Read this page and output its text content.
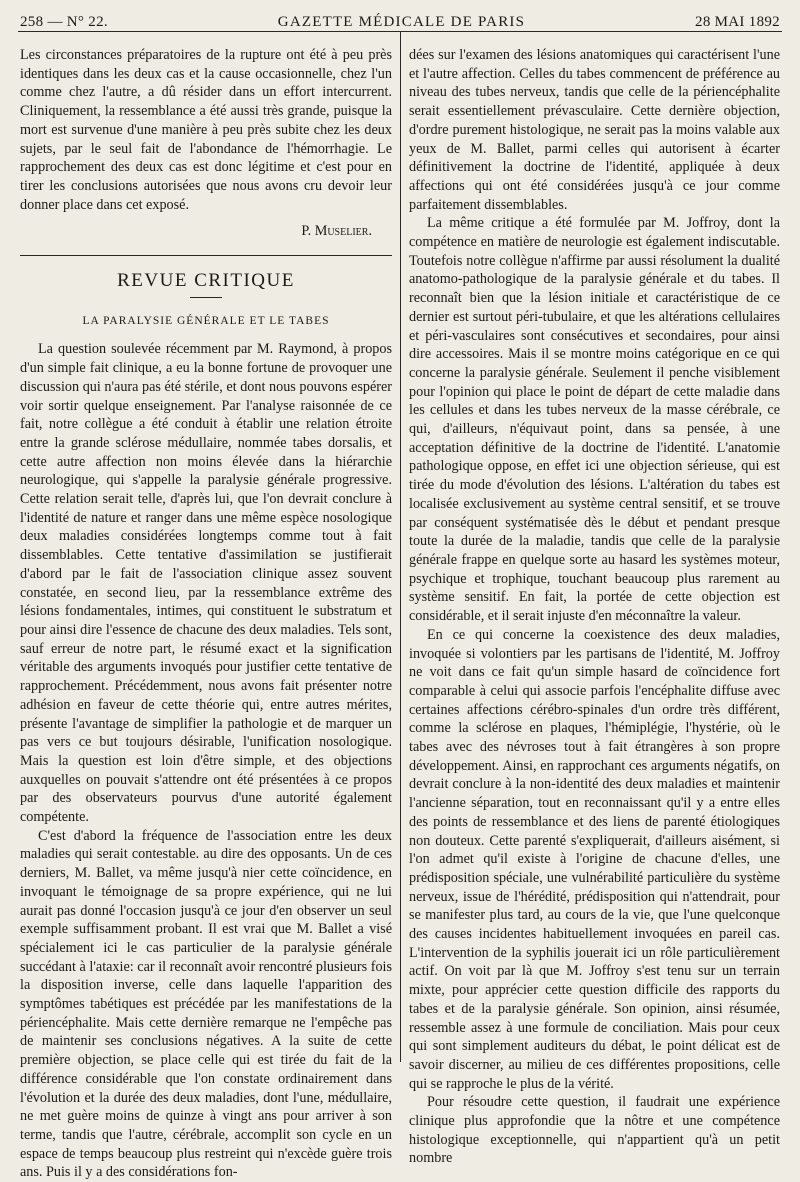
258 — N° 22.	GAZETTE MÉDICALE DE PARIS	28 MAI 1892

Les circonstances préparatoires de la rupture ont été à peu près identiques dans les deux cas et la cause occasionnelle, chez l'un comme chez l'autre, a dû résider dans un effort intercurrent. Cliniquement, la ressemblance a été aussi très grande, puisque la mort est survenue d'une manière à peu près subite chez les deux sujets, par le seul fait de l'abondance de l'hémorrhagie. Le rapprochement des deux cas est donc légitime et c'est pour en tirer les conclusions autorisées que nous avons cru devoir leur donner place dans cet exposé.

P. Muselier.
REVUE CRITIQUE
LA PARALYSIE GÉNÉRALE ET LE TABES

La question soulevée récemment par M. Raymond, à propos d'un simple fait clinique, a eu la bonne fortune de provoquer une discussion qui n'aura pas été stérile, et dont nous pouvons espérer voir sortir quelque enseignement. Par l'analyse raisonnée de ce fait, notre collègue a été conduit à établir une relation étroite entre la grande sclérose médullaire, nommée tabes dorsalis, et cette autre affection non moins élevée dans la hiérarchie neurologique, qui s'appelle la paralysie générale progressive. Cette relation serait telle, d'après lui, que l'on devrait conclure à l'identité de nature et ranger dans une même espèce nosologique deux maladies considérées longtemps comme tout à fait dissemblables. Cette tentative d'assimilation se justifierait d'abord par le fait de l'association clinique assez souvent constatée, en second lieu, par la ressemblance extrême des lésions fondamentales, intimes, qui constituent le substratum et pour ainsi dire l'essence de chacune des deux maladies. Tels sont, sauf erreur de notre part, le résumé exact et la signification véritable des arguments invoqués pour justifier cette tentative de rapprochement. Précédemment, nous avons fait présenter notre adhésion en faveur de cette théorie qui, entre autres mérites, présente l'avantage de simplifier la pathologie et de marquer un pas vers ce but toujours désirable, l'unification nosologique. Mais la question est loin d'être simple, et des objections auxquelles on pouvait s'attendre ont été présentées à ce propos par des observateurs pourvus d'une autorité également compétente.

C'est d'abord la fréquence de l'association entre les deux maladies qui serait contestable. au dire des opposants. Un de ces derniers, M. Ballet, va même jusqu'à nier cette coïncidence, en invoquant le témoignage de sa propre expérience, qui ne lui aurait pas donné l'occasion jusqu'à ce jour d'en observer un seul exemple suffisamment probant. Il est vrai que M. Ballet a visé spécialement ici le cas particulier de la paralysie générale succédant à l'ataxie: car il reconnaît avoir rencontré plusieurs fois la disposition inverse, celle dans laquelle l'apparition des symptômes tabétiques est précédée par les manifestations de la périencéphalite. Mais cette dernière remarque ne l'empêche pas de maintenir ses conclusions négatives. A la suite de cette première objection, se place celle qui est tirée du fait de la différence considérable que l'on constate ordinairement dans l'évolution et la durée des deux maladies, dont l'une, médullaire, ne met guère moins de quinze à vingt ans pour arriver à son terme, tandis que l'autre, cérébrale, accomplit son cycle en un espace de temps beaucoup plus restreint qui n'excède guère trois ans. Puis il y a des considérations fon-

dées sur l'examen des lésions anatomiques qui caractérisent l'une et l'autre affection. Celles du tabes commencent de préférence au niveau des tubes nerveux, tandis que celle de la périencéphalite serait essentiellement prévasculaire. Cette dernière objection, d'ordre purement histologique, ne serait pas la moins valable aux yeux de M. Ballet, parmi celles qui autorisent à écarter définitivement la doctrine de l'identité, appliquée à deux affections qui ont été considérées jusqu'à ce jour comme parfaitement dissemblables.

La même critique a été formulée par M. Joffroy, dont la compétence en matière de neurologie est également indiscutable. Toutefois notre collègue n'affirme par aussi résolument la dualité anatomo-pathologique de la paralysie générale et du tabes. Il reconnaît bien que la lésion initiale et caractéristique de ce dernier est surtout péri-tubulaire, et que les altérations cellulaires et péri-vasculaires sont consécutives et secondaires, pour ainsi dire accessoires. Mais il se montre moins catégorique en ce qui concerne la paralysie générale. Seulement il penche visiblement pour l'opinion qui place le point de départ de cette maladie dans les cellules et dans les tubes nerveux de la masse cérébrale, ce qui, d'ailleurs, n'équivaut point, dans sa pensée, à une acceptation définitive de la doctrine de l'identité. L'anatomie pathologique oppose, en effet ici une objection sérieuse, qui est tirée du mode d'évolution des lésions. L'altération du tabes est localisée exclusivement au système central sensitif, et se trouve par conséquent systématisée dès le début et pendant presque toute la durée de la maladie, tandis que celle de la paralysie générale frappe en quelque sorte au hasard les systèmes moteur, psychique et trophique, touchant beaucoup plus rarement au système sensitif. En fait, la portée de cette objection est considérable, et il serait injuste d'en méconnaître la valeur.

En ce qui concerne la coexistence des deux maladies, invoquée si volontiers par les partisans de l'identité, M. Joffroy ne voit dans ce fait qu'un simple hasard de coïncidence fort comparable à celui qui associe parfois l'encéphalite diffuse avec certaines affections cérébro-spinales d'un ordre très différent, comme la sclérose en plaques, l'hémiplégie, l'hystérie, où le tabes avec des névroses tout à fait étrangères à son propre développement. Ainsi, en rapprochant ces arguments négatifs, on devrait conclure à la non-identité des deux maladies et maintenir l'ancienne séparation, tout en reconnaissant qu'il y a entre elles des points de ressemblance et des liens de parenté étiologiques non douteux. Cette parenté s'expliquerait, d'ailleurs aisément, si l'on admet qu'il existe à l'origine de chacune d'elles, une prédisposition spéciale, une vulnérabilité particulière du système nerveux, issue de l'hérédité, prédisposition qui n'attendrait, pour se manifester plus tard, au cours de la vie, que l'une quelconque des causes incidentes habituellement invoquées en pareil cas. L'intervention de la syphilis jouerait ici un rôle particulièrement actif. On voit par là que M. Joffroy s'est tenu sur un terrain mixte, pour apprécier cette question difficile des rapports du tabes et de la paralysie générale. Son opinion, ainsi résumée, ressemble assez à une formule de conciliation. Mais pour ceux qui sont simplement auditeurs du débat, le point délicat est de savoir discerner, au milieu de ces différentes propositions, celle qui se rapproche le plus de la vérité.

Pour résoudre cette question, il faudrait une expérience clinique plus approfondie que la nôtre et une compétence histologique exceptionnelle, qui n'appartient qu'à un petit nombre
